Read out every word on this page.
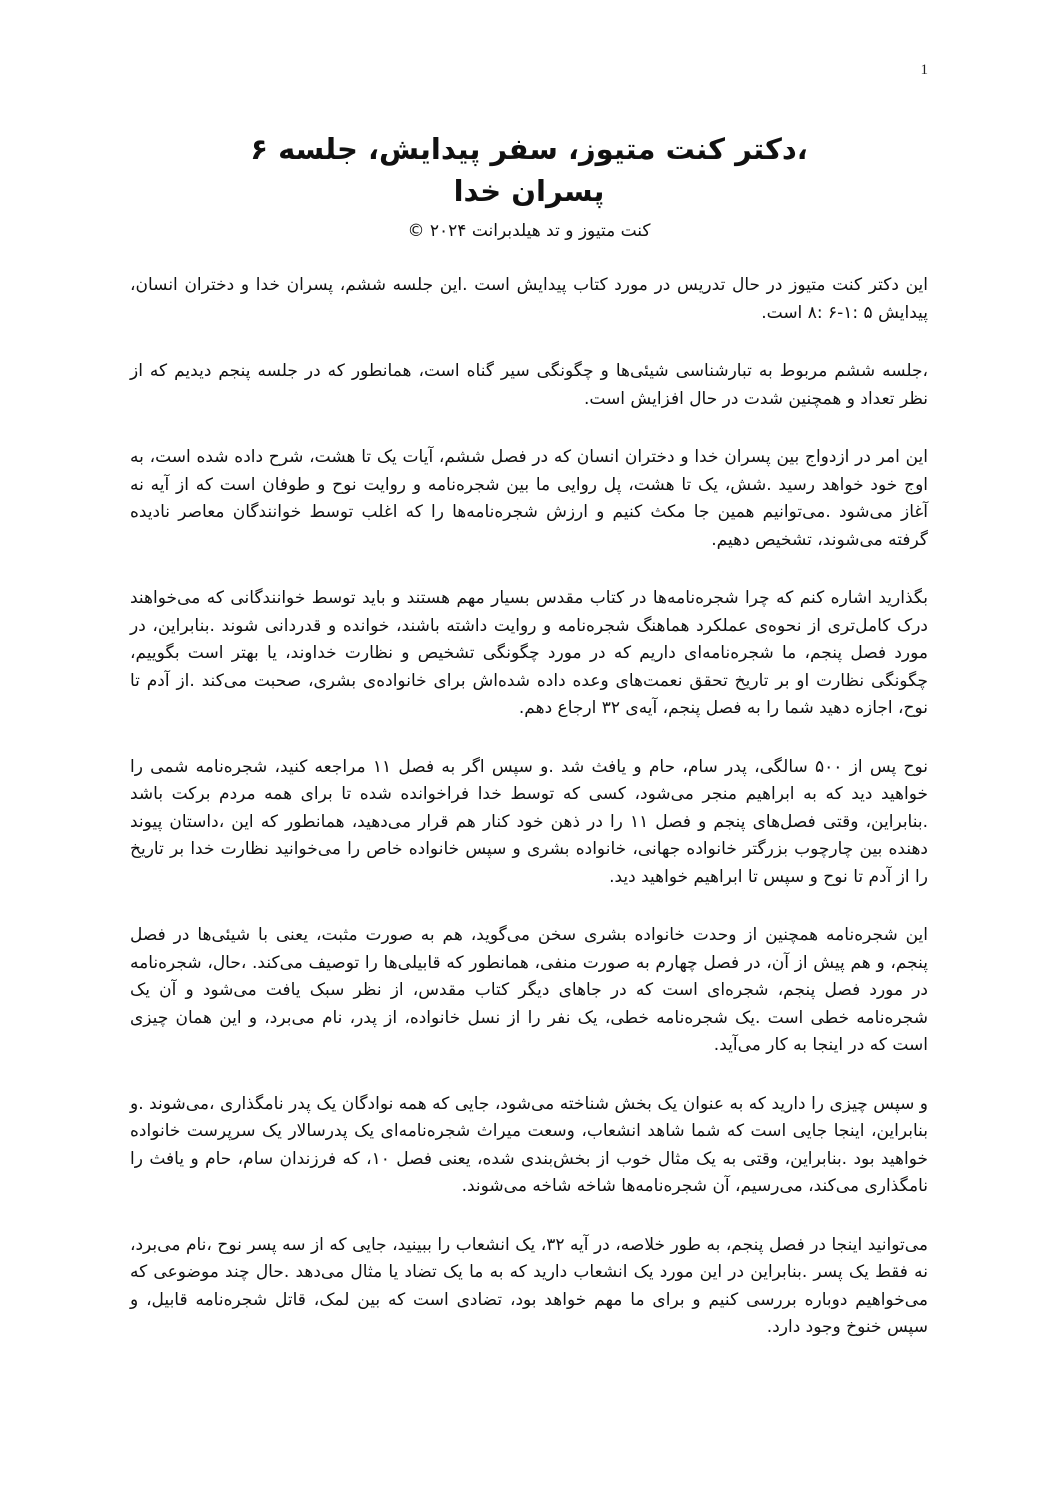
1
،دکتر کنت متیوز، سفر پیدایش، جلسه ۶
پسران خدا
کنت متیوز و تد هیلدبرانت ۲۰۲۴ ©

این دکتر کنت متیوز در حال تدریس در مورد کتاب پیدایش است .این جلسه ششم، پسران خدا و دختران انسان، پیدایش ۵ :۱-۶ :۸ است.

،جلسه ششم مربوط به تبارشناسی شیئی‌ها و چگونگی سیر گناه است، همانطور که در جلسه پنجم دیدیم که از نظر تعداد و همچنین شدت در حال افزایش است.

این امر در ازدواج بین پسران خدا و دختران انسان که در فصل ششم، آیات یک تا هشت، شرح داده شده است، به اوج خود خواهد رسید .شش، یک تا هشت، پل روایی ما بین شجره‌نامه و روایت نوح و طوفان است که از آیه نه آغاز می‌شود .می‌توانیم همین جا مکث کنیم و ارزش شجره‌نامه‌ها را که اغلب توسط خوانندگان معاصر نادیده گرفته می‌شوند، تشخیص دهیم.

بگذارید اشاره کنم که چرا شجره‌نامه‌ها در کتاب مقدس بسیار مهم هستند و باید توسط خوانندگانی که می‌خواهند درک کامل‌تری از نحوه‌ی عملکرد هماهنگ شجره‌نامه و روایت داشته باشند، خوانده و قدردانی شوند .بنابراین، در مورد فصل پنجم، ما شجره‌نامه‌ای داریم که در مورد چگونگی تشخیص و نظارت خداوند، یا بهتر است بگوییم، چگونگی نظارت او بر تاریخ تحقق نعمت‌های وعده داده شده‌اش برای خانواده‌ی بشری، صحبت می‌کند .از آدم تا نوح، اجازه دهید شما را به فصل پنجم، آیه‌ی ۳۲ ارجاع دهم.

نوح پس از ۵۰۰ سالگی، پدر سام، حام و یافث شد .و سپس اگر به فصل ۱۱ مراجعه کنید، شجره‌نامه شمی را خواهید دید که به ابراهیم منجر می‌شود، کسی که توسط خدا فراخوانده شده تا برای همه مردم برکت باشد .بنابراین، وقتی فصل‌های پنجم و فصل ۱۱ را در ذهن خود کنار هم قرار می‌دهید، همانطور که این ،داستان پیوند دهنده بین چارچوب بزرگتر خانواده جهانی، خانواده بشری و سپس خانواده خاص را می‌خوانید نظارت خدا بر تاریخ را از آدم تا نوح و سپس تا ابراهیم خواهید دید.

این شجره‌نامه همچنین از وحدت خانواده بشری سخن می‌گوید، هم به صورت مثبت، یعنی با شیئی‌ها در فصل پنجم، و هم پیش از آن، در فصل چهارم به صورت منفی، همانطور که قابیلی‌ها را توصیف می‌کند. ،حال، شجره‌نامه در مورد فصل پنجم، شجره‌ای است که در جاهای دیگر کتاب مقدس، از نظر سبک یافت می‌شود و آن یک شجره‌نامه خطی است .یک شجره‌نامه خطی، یک نفر را از نسل خانواده، از پدر، نام می‌برد، و این همان چیزی است که در اینجا به کار می‌آید.

و سپس چیزی را دارید که به عنوان یک بخش شناخته می‌شود، جایی که همه نوادگان یک پدر نامگذاری ،می‌شوند .و بنابراین، اینجا جایی است که شما شاهد انشعاب، وسعت میراث شجره‌نامه‌ای یک پدرسالار یک سرپرست خانواده خواهید بود .بنابراین، وقتی به یک مثال خوب از بخش‌بندی شده، یعنی فصل ۱۰، که فرزندان سام، حام و یافث را نامگذاری می‌کند، می‌رسیم، آن شجره‌نامه‌ها شاخه شاخه می‌شوند.

می‌توانید اینجا در فصل پنجم، به طور خلاصه، در آیه ۳۲، یک انشعاب را ببینید، جایی که از سه پسر نوح ،نام می‌برد، نه فقط یک پسر .بنابراین در این مورد یک انشعاب دارید که به ما یک تضاد یا مثال می‌دهد .حال چند موضوعی که می‌خواهیم دوباره بررسی کنیم و برای ما مهم خواهد بود، تضادی است که بین لمک، قاتل شجره‌نامه قابیل، و سپس خنوخ وجود دارد.
